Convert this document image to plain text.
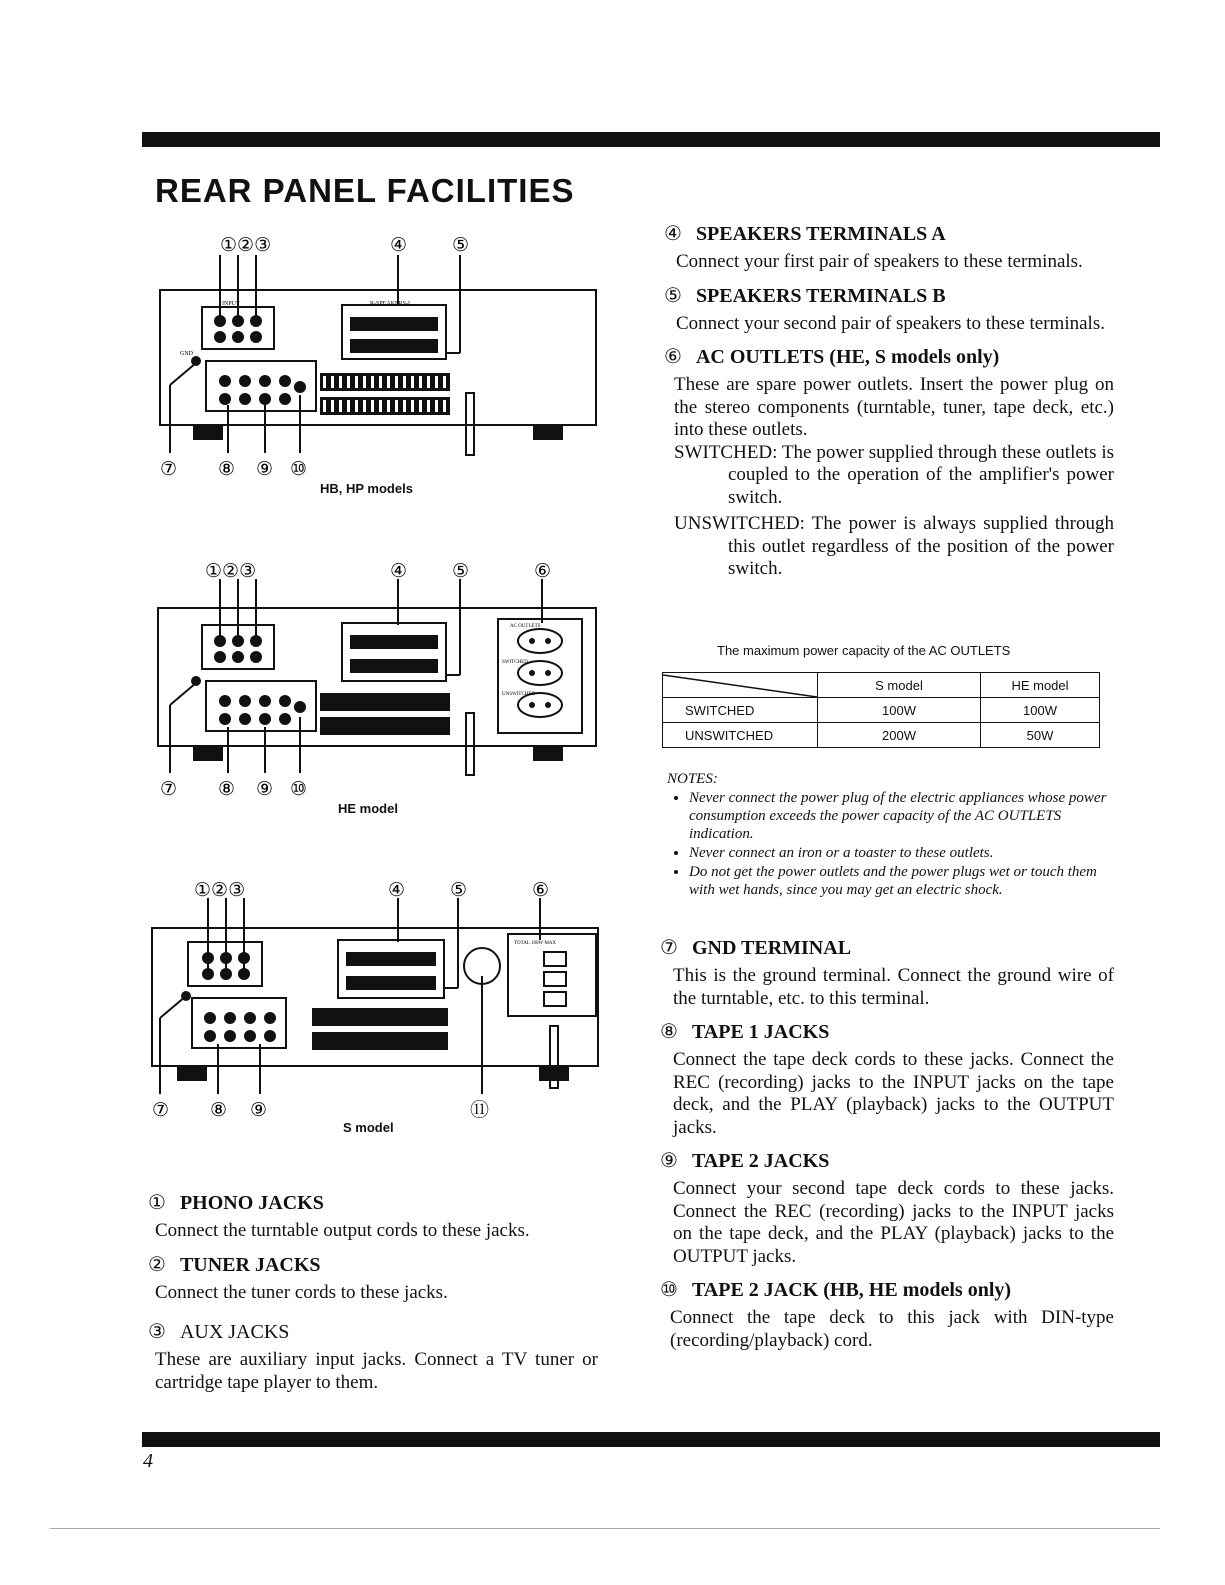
REAR PANEL FACILITIES
①②③	④ ⑤
⑦ ⑧ ⑨ ⑩
R-SPEAKERS-L
INPUT
GND
HB, HP models
①②③	④ ⑤	⑥
⑦ ⑧ ⑨ ⑩
AC OUTLETS
SWITCHED
UNSWITCHED
HE model
①②③	④ ⑤	⑥
⑦ ⑧ ⑨	⑪
TOTAL 100W MAX
S model
① PHONO JACKS
Connect the turntable output cords to these jacks.
② TUNER JACKS
Connect the tuner cords to these jacks.
③ AUX JACKS
These are auxiliary input jacks. Connect a TV tuner or cartridge tape player to them.
④ SPEAKERS TERMINALS A
Connect your first pair of speakers to these terminals.
⑤ SPEAKERS TERMINALS B
Connect your second pair of speakers to these terminals.
⑥ AC OUTLETS (HE, S models only)
These are spare power outlets. Insert the power plug on the stereo components (turntable, tuner, tape deck, etc.) into these outlets.
SWITCHED: The power supplied through these outlets is coupled to the operation of the amplifier's power switch.
UNSWITCHED: The power is always supplied through this outlet regardless of the position of the power switch.
The maximum power capacity of the AC OUTLETS
	S model	HE model
SWITCHED	100W	100W
UNSWITCHED	200W	50W
NOTES:
• Never connect the power plug of the electric appliances whose power consumption exceeds the power capacity of the AC OUTLETS indication.
• Never connect an iron or a toaster to these outlets.
• Do not get the power outlets and the power plugs wet or touch them with wet hands, since you may get an electric shock.
⑦ GND TERMINAL
This is the ground terminal. Connect the ground wire of the turntable, etc. to this terminal.
⑧ TAPE 1 JACKS
Connect the tape deck cords to these jacks. Connect the REC (recording) jacks to the INPUT jacks on the tape deck, and the PLAY (playback) jacks to the OUTPUT jacks.
⑨ TAPE 2 JACKS
Connect your second tape deck cords to these jacks. Connect the REC (recording) jacks to the INPUT jacks on the tape deck, and the PLAY (playback) jacks to the OUTPUT jacks.
⑩ TAPE 2 JACK (HB, HE models only)
Connect the tape deck to this jack with DIN-type (recording/playback) cord.
4
